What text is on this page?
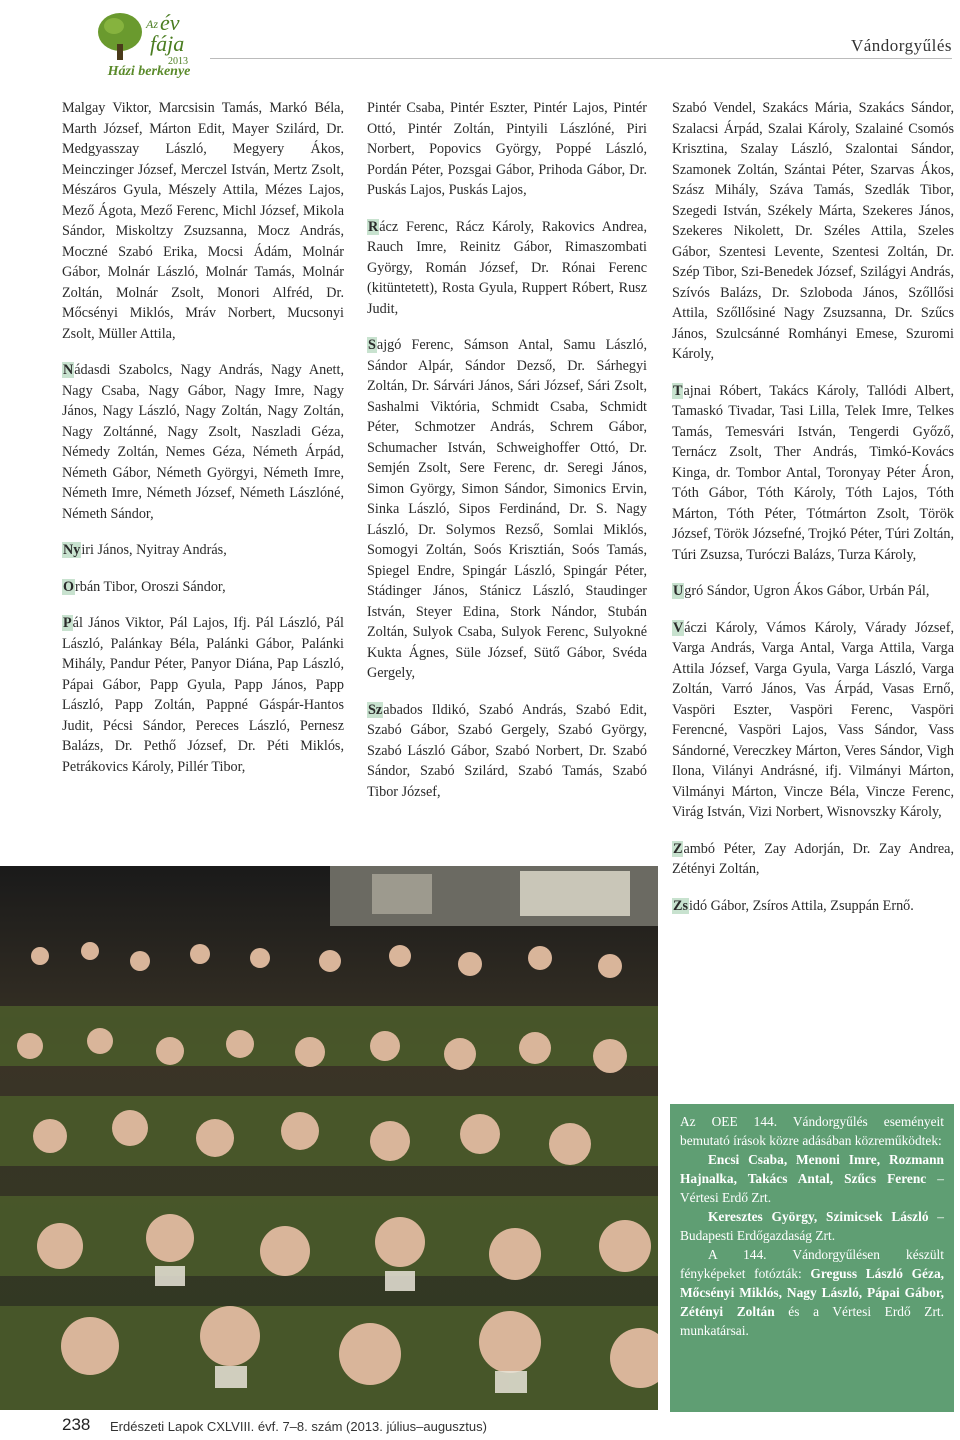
Az év
fája
2013
Házi berkenye
Vándorgyűlés

Malgay Viktor, Marcsisin Tamás, Markó Béla, Marth József, Márton Edit, Mayer Szilárd, Dr. Medgyasszay László, Megyery Ákos, Meinczinger József, Merczel István, Mertz Zsolt, Mészáros Gyula, Mészely Attila, Mézes Lajos, Mező Ágota, Mező Ferenc, Michl József, Mikola Sándor, Miskoltzy Zsuzsanna, Mocz András, Moczné Szabó Erika, Mocsi Ádám, Molnár Gábor, Molnár László, Molnár Tamás, Molnár Zoltán, Molnár Zsolt, Monori Alfréd, Dr. Mőcsényi Miklós, Mráv Norbert, Mucsonyi Zsolt, Müller Attila,

Nádasdi Szabolcs, Nagy András, Nagy Anett, Nagy Csaba, Nagy Gábor, Nagy Imre, Nagy János, Nagy László, Nagy Zoltán, Nagy Zoltán, Nagy Zoltánné, Nagy Zsolt, Naszladi Géza, Némedy Zoltán, Nemes Géza, Németh Árpád, Németh Gábor, Németh Györgyi, Németh Imre, Németh Imre, Németh József, Németh Lászlóné, Németh Sándor,

Nyiri János, Nyitray András,

Orbán Tibor, Oroszi Sándor,

Pál János Viktor, Pál Lajos, Ifj. Pál László, Pál László, Palánkay Béla, Palánki Gábor, Palánki Mihály, Pandur Péter, Panyor Diána, Pap László, Pápai Gábor, Papp Gyula, Papp János, Papp László, Papp Zoltán, Pappné Gáspár-Hantos Judit, Pécsi Sándor, Pereces László, Pernesz Balázs, Dr. Pethő József, Dr. Péti Miklós, Petrákovics Károly, Pillér Tibor,

Pintér Csaba, Pintér Eszter, Pintér Lajos, Pintér Ottó, Pintér Zoltán, Pintyili Lászlóné, Piri Norbert, Popovics György, Poppé László, Pordán Péter, Pozsgai Gábor, Prihoda Gábor, Dr. Puskás Lajos, Puskás Lajos,

Rácz Ferenc, Rácz Károly, Rakovics Andrea, Rauch Imre, Reinitz Gábor, Rimaszombati György, Román József, Dr. Rónai Ferenc (kitüntetett), Rosta Gyula, Ruppert Róbert, Rusz Judit,

Sajgó Ferenc, Sámson Antal, Samu László, Sándor Alpár, Sándor Dezső, Dr. Sárhegyi Zoltán, Dr. Sárvári János, Sári József, Sári Zsolt, Sashalmi Viktória, Schmidt Csaba, Schmidt Péter, Schmotzer András, Schrem Gábor, Schumacher István, Schweighoffer Ottó, Dr. Semjén Zsolt, Sere Ferenc, dr. Seregi János, Simon György, Simon Sándor, Simonics Ervin, Sinka László, Sipos Ferdinánd, Dr. S. Nagy László, Dr. Solymos Rezső, Somlai Miklós, Somogyi Zoltán, Soós Krisztián, Soós Tamás, Spiegel Endre, Spingár László, Spingár Péter, Stádinger János, Stánicz László, Staudinger István, Steyer Edina, Stork Nándor, Stubán Zoltán, Sulyok Csaba, Sulyok Ferenc, Sulyokné Kukta Ágnes, Süle József, Sütő Gábor, Svéda Gergely,

Szabados Ildikó, Szabó András, Szabó Edit, Szabó Gábor, Szabó Gergely, Szabó György, Szabó László Gábor, Szabó Norbert, Dr. Szabó Sándor, Szabó Szilárd, Szabó Tamás, Szabó Tibor József,

Szabó Vendel, Szakács Mária, Szakács Sándor, Szalacsi Árpád, Szalai Károly, Szalainé Csomós Krisztina, Szalay László, Szalontai Sándor, Szamonek Zoltán, Szántai Péter, Szarvas Ákos, Szász Mihály, Száva Tamás, Szedlák Tibor, Szegedi István, Székely Márta, Szekeres János, Szekeres Nikolett, Dr. Széles Attila, Szeles Gábor, Szentesi Levente, Szentesi Zoltán, Dr. Szép Tibor, Szi-Benedek József, Szilágyi András, Szívós Balázs, Dr. Szloboda János, Szőllősi Attila, Szőllősiné Nagy Zsuzsanna, Dr. Szűcs János, Szulcsánné Romhányi Emese, Szuromi Károly,

Tajnai Róbert, Takács Károly, Tallódi Albert, Tamaskó Tivadar, Tasi Lilla, Telek Imre, Telkes Tamás, Temesvári István, Tengerdi Győző, Ternácz Zsolt, Ther András, Timkó-Kovács Kinga, dr. Tombor Antal, Toronyay Péter Áron, Tóth Gábor, Tóth Károly, Tóth Lajos, Tóth Márton, Tóth Péter, Tótmárton Zsolt, Török József, Török Józsefné, Trojkó Péter, Túri Zoltán, Túri Zsuzsa, Turóczi Balázs, Turza Károly,

Ugró Sándor, Ugron Ákos Gábor, Urbán Pál,

Váczi Károly, Vámos Károly, Várady József, Varga András, Varga Antal, Varga Attila, Varga Attila József, Varga Gyula, Varga László, Varga Zoltán, Varró János, Vas Árpád, Vasas Ernő, Vaspöri Eszter, Vaspöri Ferenc, Vaspöri Ferencné, Vaspöri Lajos, Vass Sándor, Vass Sándorné, Vereczkey Márton, Veres Sándor, Vigh Ilona, Vilányi Andrásné, ifj. Vilmányi Márton, Vilmányi Márton, Vincze Béla, Vincze Ferenc, Virág István, Vizi Norbert, Wisnovszky Károly,

Zambó Péter, Zay Adorján, Dr. Zay Andrea, Zétényi Zoltán,

Zsidó Gábor, Zsíros Attila, Zsuppán Ernő.

Az OEE 144. Vándorgyűlés eseményeit bemutató írások közre adásában közreműködtek:

Encsi Csaba, Menoni Imre, Rozmann Hajnalka, Takács Antal, Szűcs Ferenc – Vértesi Erdő Zrt.

Keresztes György, Szimicsek László – Budapesti Erdőgazdaság Zrt.

A 144. Vándorgyűlésen készült fényképeket fotózták: Greguss László Géza, Mőcsényi Miklós, Nagy László, Pápai Gábor, Zétényi Zoltán és a Vértesi Erdő Zrt. munkatársai.

238 Erdészeti Lapok CXLVIII. évf. 7–8. szám (2013. július–augusztus)
